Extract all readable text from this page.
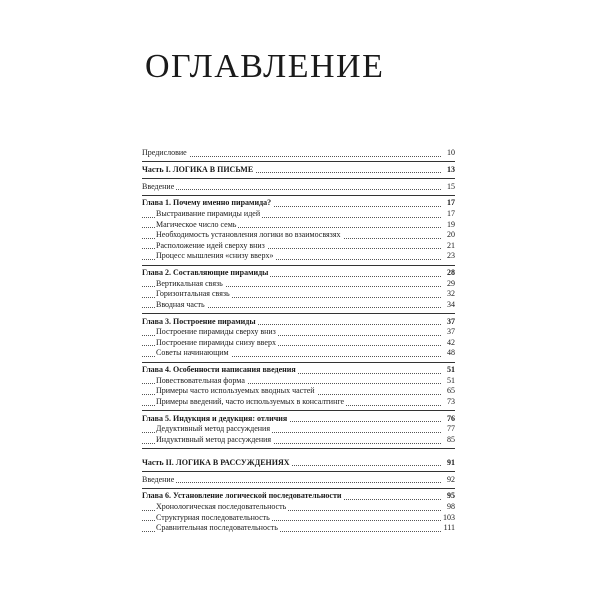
ОГЛАВЛЕНИЕ
Предисловие	10
Часть I. ЛОГИКА В ПИСЬМЕ	13
Введение	15
Глава 1. Почему именно пирамида?	17
Выстраивание пирамиды идей	17
Магическое число семь	19
Необходимость установления логики во взаимосвязях	20
Расположение идей сверху вниз	21
Процесс мышления «снизу вверх»	23
Глава 2. Составляющие пирамиды	28
Вертикальная связь	29
Горизонтальная связь	32
Вводная часть	34
Глава 3. Построение пирамиды	37
Построение пирамиды сверху вниз	37
Построение пирамиды снизу вверх	42
Советы начинающим	48
Глава 4. Особенности написания введения	51
Повествовательная форма	51
Примеры часто используемых вводных частей	65
Примеры введений, часто используемых в консалтинге	73
Глава 5. Индукция и дедукция: отличия	76
Дедуктивный метод рассуждения	77
Индуктивный метод рассуждения	85
Часть II. ЛОГИКА В РАССУЖДЕНИЯХ	91
Введение	92
Глава 6. Установление логической последовательности	95
Хронологическая последовательность	98
Структурная последовательность	103
Сравнительная последовательность	111
